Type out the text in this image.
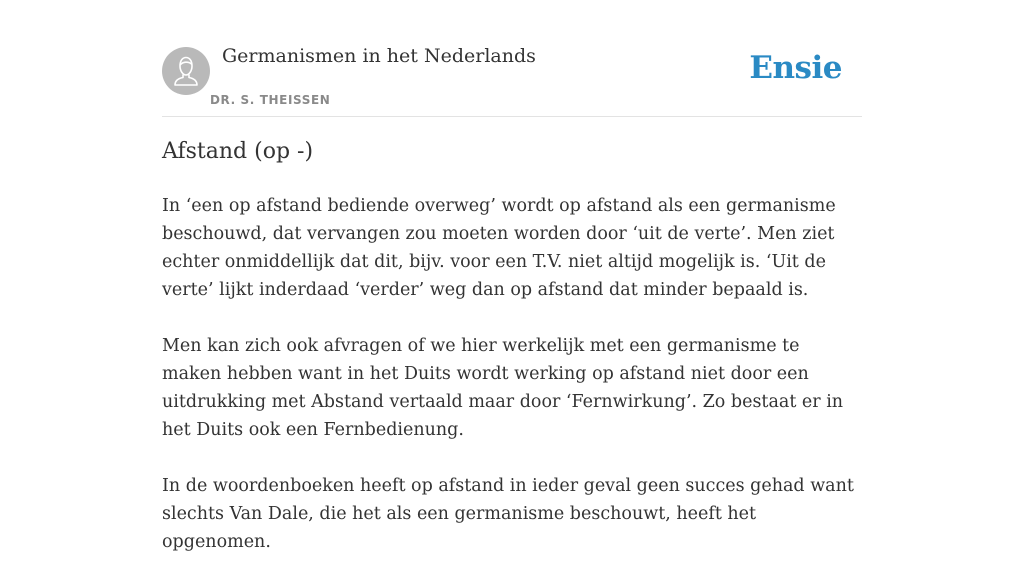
Germanismen in het Nederlands
DR. S. THEISSEN
Ensie
Afstand (op -)

In ‘een op afstand bediende overweg’ wordt op afstand als een germanisme beschouwd, dat vervangen zou moeten worden door ‘uit de verte’. Men ziet echter onmiddellijk dat dit, bijv. voor een T.V. niet altijd mogelijk is. ‘Uit de verte’ lijkt inderdaad ‘verder’ weg dan op afstand dat minder bepaald is.

Men kan zich ook afvragen of we hier werkelijk met een germanisme te maken hebben want in het Duits wordt werking op afstand niet door een uitdrukking met Abstand vertaald maar door ‘Fernwirkung’. Zo bestaat er in het Duits ook een Fernbedienung.

In de woordenboeken heeft op afstand in ieder geval geen succes gehad want slechts Van Dale, die het als een germanisme beschouwt, heeft het opgenomen.
